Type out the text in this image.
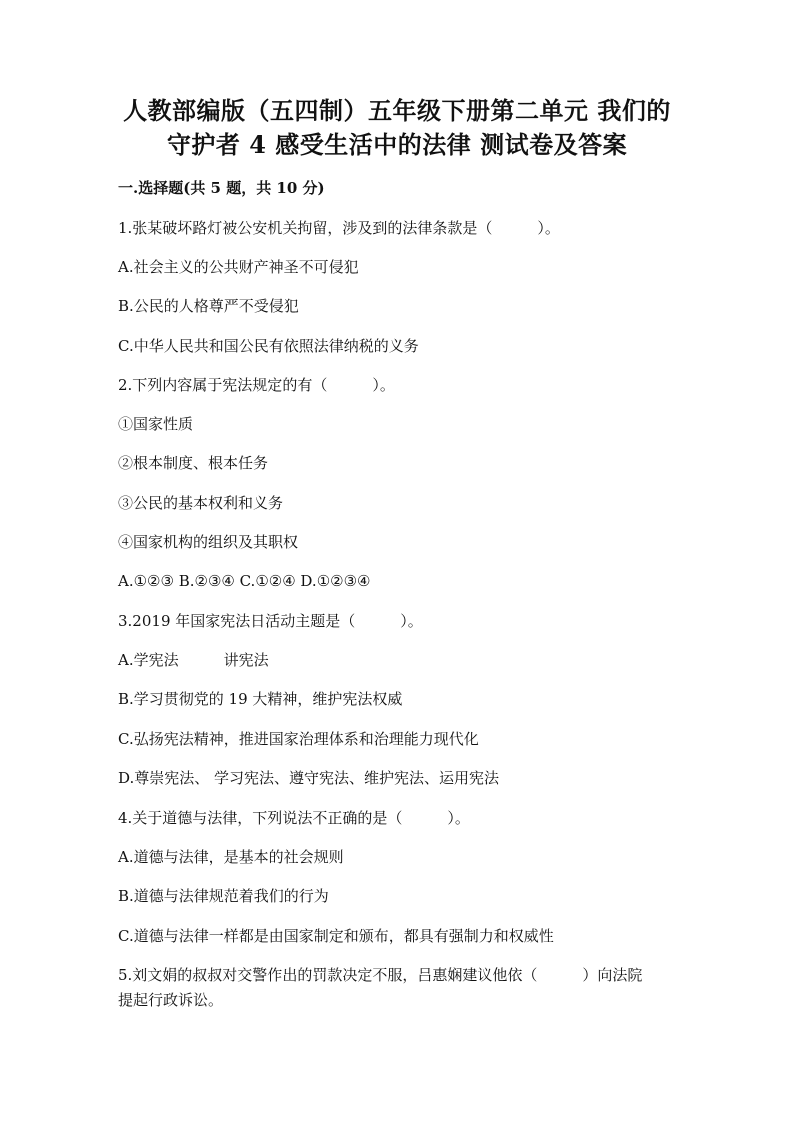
人教部编版（五四制）五年级下册第二单元 我们的
守护者 4 感受生活中的法律 测试卷及答案
一.选择题(共 5 题，共 10 分)
1.张某破坏路灯被公安机关拘留，涉及到的法律条款是（　　　）。
A.社会主义的公共财产神圣不可侵犯
B.公民的人格尊严不受侵犯
C.中华人民共和国公民有依照法律纳税的义务
2.下列内容属于宪法规定的有（　　　）。
①国家性质
②根本制度、根本任务
③公民的基本权利和义务
④国家机构的组织及其职权
A.①②③ B.②③④ C.①②④ D.①②③④
3.2019 年国家宪法日活动主题是（　　　）。
A.学宪法　　　讲宪法
B.学习贯彻党的 19 大精神，维护宪法权威
C.弘扬宪法精神，推进国家治理体系和治理能力现代化
D.尊崇宪法、 学习宪法、遵守宪法、维护宪法、运用宪法
4.关于道德与法律，下列说法不正确的是（　　　）。
A.道德与法律，是基本的社会规则
B.道德与法律规范着我们的行为
C.道德与法律一样都是由国家制定和颁布，都具有强制力和权威性
5.刘文娟的叔叔对交警作出的罚款决定不服，吕惠娴建议他依（　　　）向法院
提起行政诉讼。
